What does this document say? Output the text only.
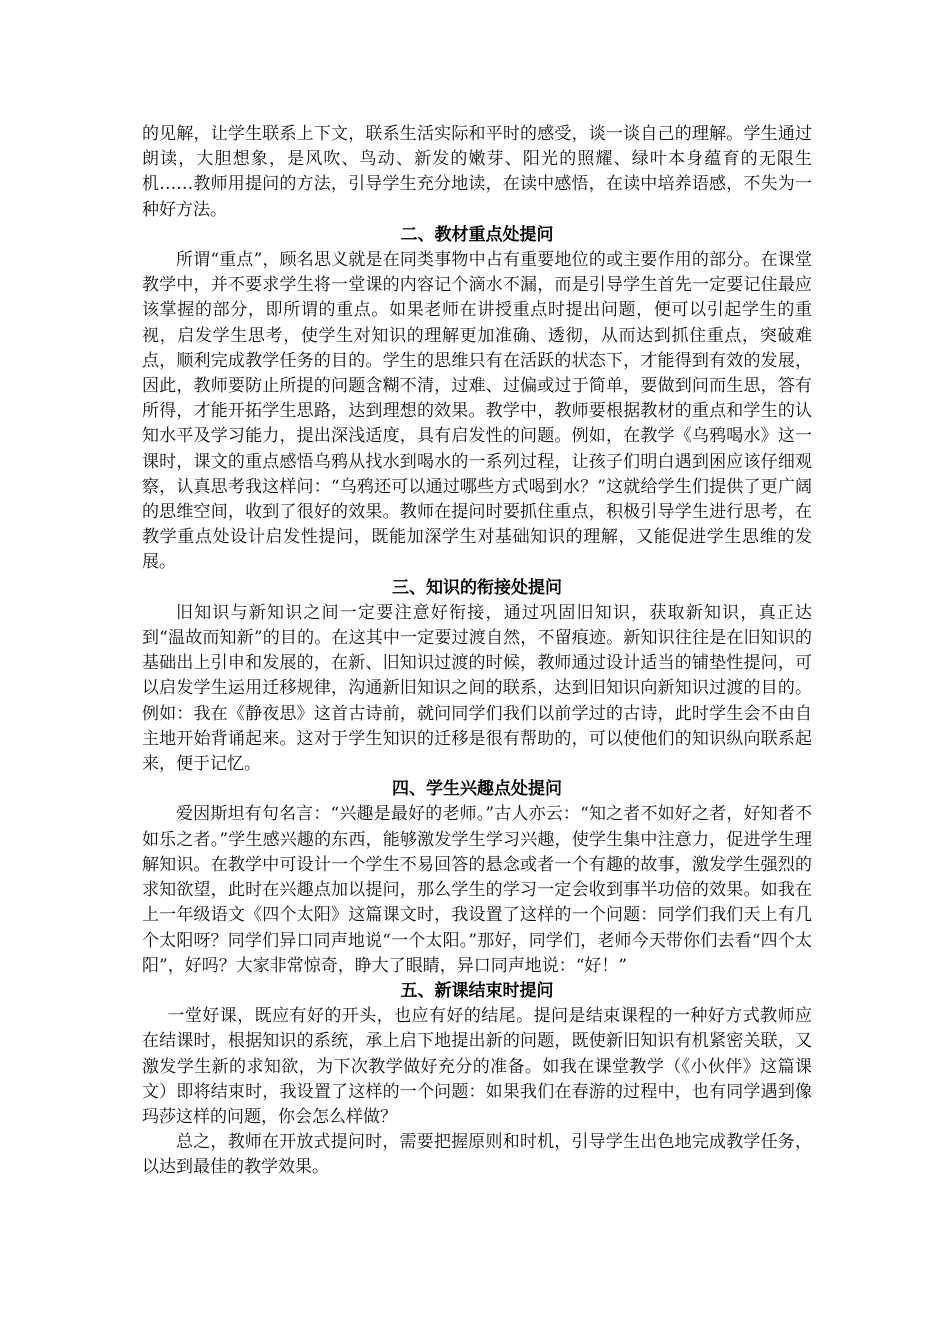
的见解，让学生联系上下文，联系生活实际和平时的感受，谈一谈自己的理解。学生通过朗读，大胆想象，是风吹、鸟动、新发的嫩芽、阳光的照耀、绿叶本身蕴育的无限生机……教师用提问的方法，引导学生充分地读，在读中感悟，在读中培养语感，不失为一种好方法。

二、教材重点处提问

所谓“重点”，顾名思义就是在同类事物中占有重要地位的或主要作用的部分。在课堂教学中，并不要求学生将一堂课的内容记个滴水不漏，而是引导学生首先一定要记住最应该掌握的部分，即所谓的重点。如果老师在讲授重点时提出问题，便可以引起学生的重视，启发学生思考，使学生对知识的理解更加准确、透彻，从而达到抓住重点，突破难点，顺利完成教学任务的目的。学生的思维只有在活跃的状态下，才能得到有效的发展，因此，教师要防止所提的问题含糊不清，过难、过偏或过于简单，要做到问而生思，答有所得，才能开拓学生思路，达到理想的效果。教学中，教师要根据教材的重点和学生的认知水平及学习能力，提出深浅适度，具有启发性的问题。例如，在教学《乌鸦喝水》这一课时，课文的重点感悟乌鸦从找水到喝水的一系列过程，让孩子们明白遇到困应该仔细观察，认真思考我这样问：“乌鸦还可以通过哪些方式喝到水？”这就给学生们提供了更广阔的思维空间，收到了很好的效果。教师在提问时要抓住重点，积极引导学生进行思考，在教学重点处设计启发性提问，既能加深学生对基础知识的理解，又能促进学生思维的发展。

三、知识的衔接处提问

旧知识与新知识之间一定要注意好衔接，通过巩固旧知识，获取新知识，真正达到“温故而知新”的目的。在这其中一定要过渡自然，不留痕迹。新知识往往是在旧知识的基础出上引申和发展的，在新、旧知识过渡的时候，教师通过设计适当的铺垫性提问，可以启发学生运用迁移规律，沟通新旧知识之间的联系，达到旧知识向新知识过渡的目的。例如：我在《静夜思》这首古诗前，就问同学们我们以前学过的古诗，此时学生会不由自主地开始背诵起来。这对于学生知识的迁移是很有帮助的，可以使他们的知识纵向联系起来，便于记忆。

四、学生兴趣点处提问

爱因斯坦有句名言：“兴趣是最好的老师。”古人亦云：“知之者不如好之者，好知者不如乐之者。”学生感兴趣的东西，能够激发学生学习兴趣，使学生集中注意力，促进学生理解知识。在教学中可设计一个学生不易回答的悬念或者一个有趣的故事，激发学生强烈的求知欲望，此时在兴趣点加以提问，那么学生的学习一定会收到事半功倍的效果。如我在上一年级语文《四个太阳》这篇课文时，我设置了这样的一个问题：同学们我们天上有几个太阳呀？同学们异口同声地说“一个太阳。”那好，同学们，老师今天带你们去看“四个太阳”，好吗？大家非常惊奇，睁大了眼睛，异口同声地说：“好！”

五、新课结束时提问

一堂好课，既应有好的开头，也应有好的结尾。提问是结束课程的一种好方式教师应在结课时，根据知识的系统，承上启下地提出新的问题，既使新旧知识有机紧密关联，又激发学生新的求知欲，为下次教学做好充分的准备。如我在课堂教学（《小伙伴》这篇课文）即将结束时，我设置了这样的一个问题：如果我们在春游的过程中，也有同学遇到像玛莎这样的问题，你会怎么样做？

总之，教师在开放式提问时，需要把握原则和时机，引导学生出色地完成教学任务，以达到最佳的教学效果。
